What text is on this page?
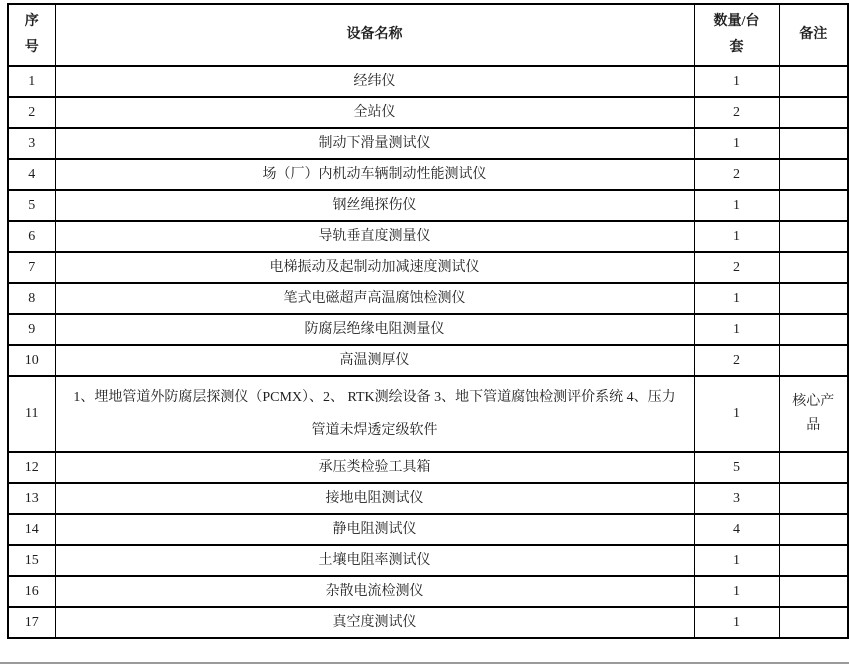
序号	设备名称	数量/台套	备注
1	经纬仪	1	
2	全站仪	2	
3	制动下滑量测试仪	1	
4	场（厂）内机动车辆制动性能测试仪	2	
5	钢丝绳探伤仪	1	
6	导轨垂直度测量仪	1	
7	电梯振动及起制动加减速度测试仪	2	
8	笔式电磁超声高温腐蚀检测仪	1	
9	防腐层绝缘电阻测量仪	1	
10	高温测厚仪	2	
11	1、埋地管道外防腐层探测仪（PCMX）、2、 RTK测绘设备 3、地下管道腐蚀检测评价系统 4、压力管道未焊透定级软件	1	核心产品
12	承压类检验工具箱	5	
13	接地电阻测试仪	3	
14	静电阻测试仪	4	
15	土壤电阻率测试仪	1	
16	杂散电流检测仪	1	
17	真空度测试仪	1	
